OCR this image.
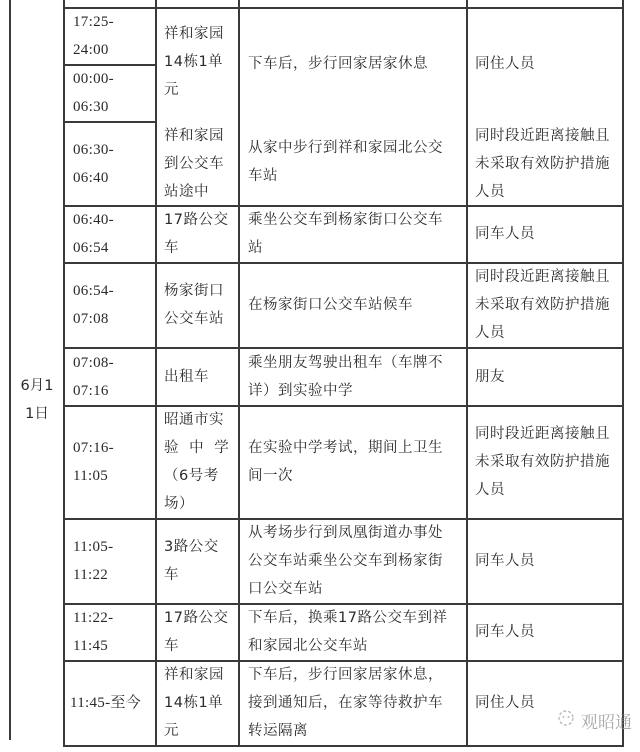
6月11日
17:25-
24:00
00:00-
06:30
06:30-
06:40
祥和家园
14栋1单
元
祥和家园
到公交车
站途中
下车后，步行回家居家休息
从家中步行到祥和家园北公交
车站
同住人员
同时段近距离接触且
未采取有效防护措施
人员
06:40-
06:54
17路公交
车
乘坐公交车到杨家街口公交车
站
同车人员
06:54-
07:08
杨家街口
公交车站
在杨家街口公交车站候车
同时段近距离接触且
未采取有效防护措施
人员
07:08-
07:16
出租车
乘坐朋友驾驶出租车（车牌不
详）到实验中学
朋友
07:16-
11:05
昭通市实
验 中 学
（6号考
场）
在实验中学考试，期间上卫生
间一次
同时段近距离接触且
未采取有效防护措施
人员
11:05-
11:22
3路公交
车
从考场步行到凤凰街道办事处
公交车站乘坐公交车到杨家街
口公交车站
同车人员
11:22-
11:45
17路公交
车
下车后，换乘17路公交车到祥
和家园北公交车站
同车人员
11:45-至今
祥和家园
14栋1单
元
下车后，步行回家居家休息，
接到通知后，在家等待救护车
转运隔离
同住人员
观昭通
